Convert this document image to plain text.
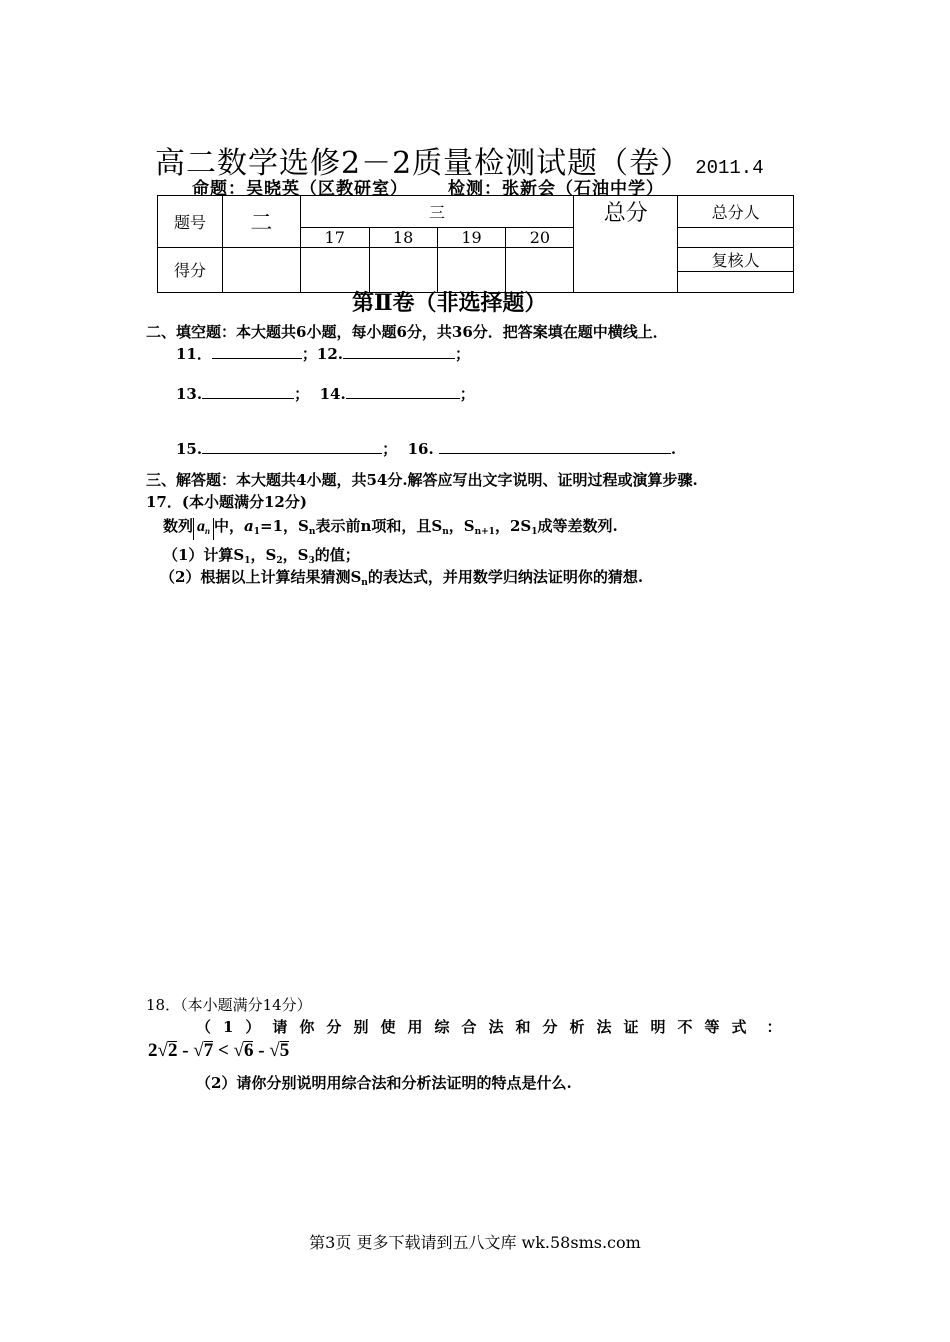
高二数学选修2－2质量检测试题（卷） 2011.4
命题：吴晓英（区教研室） 检测：张新会（石油中学）
题号	二	三				总分	总分人
		17	18	19	20		
得分							复核人

第Ⅱ卷（非选择题）
二、填空题：本大题共6小题，每小题6分，共36分．把答案填在题中横线上．
11．	；12.	；
13.	； 14.	；
15.	； 16.	.
三、解答题：本大题共4小题，共54分.解答应写出文字说明、证明过程或演算步骤.
17．(本小题满分12分)
数列 $a_n$ 中，$a_1=1$，$S_n$表示前n项和，且$S_n$，$S_{n+1}$，$2S_1$成等差数列.
（1）计算$S_1$，$S_2$，$S_3$的值；
（2）根据以上计算结果猜测$S_n$的表达式，并用数学归纳法证明你的猜想.
18．（本小题满分14分）
（1）请你分别使用综合法和分析法证明不等式 ：
2√2 - √7 < √6 - √5
（2）请你分别说明用综合法和分析法证明的特点是什么.
第3页 更多下载请到五八文库 wk.58sms.com
